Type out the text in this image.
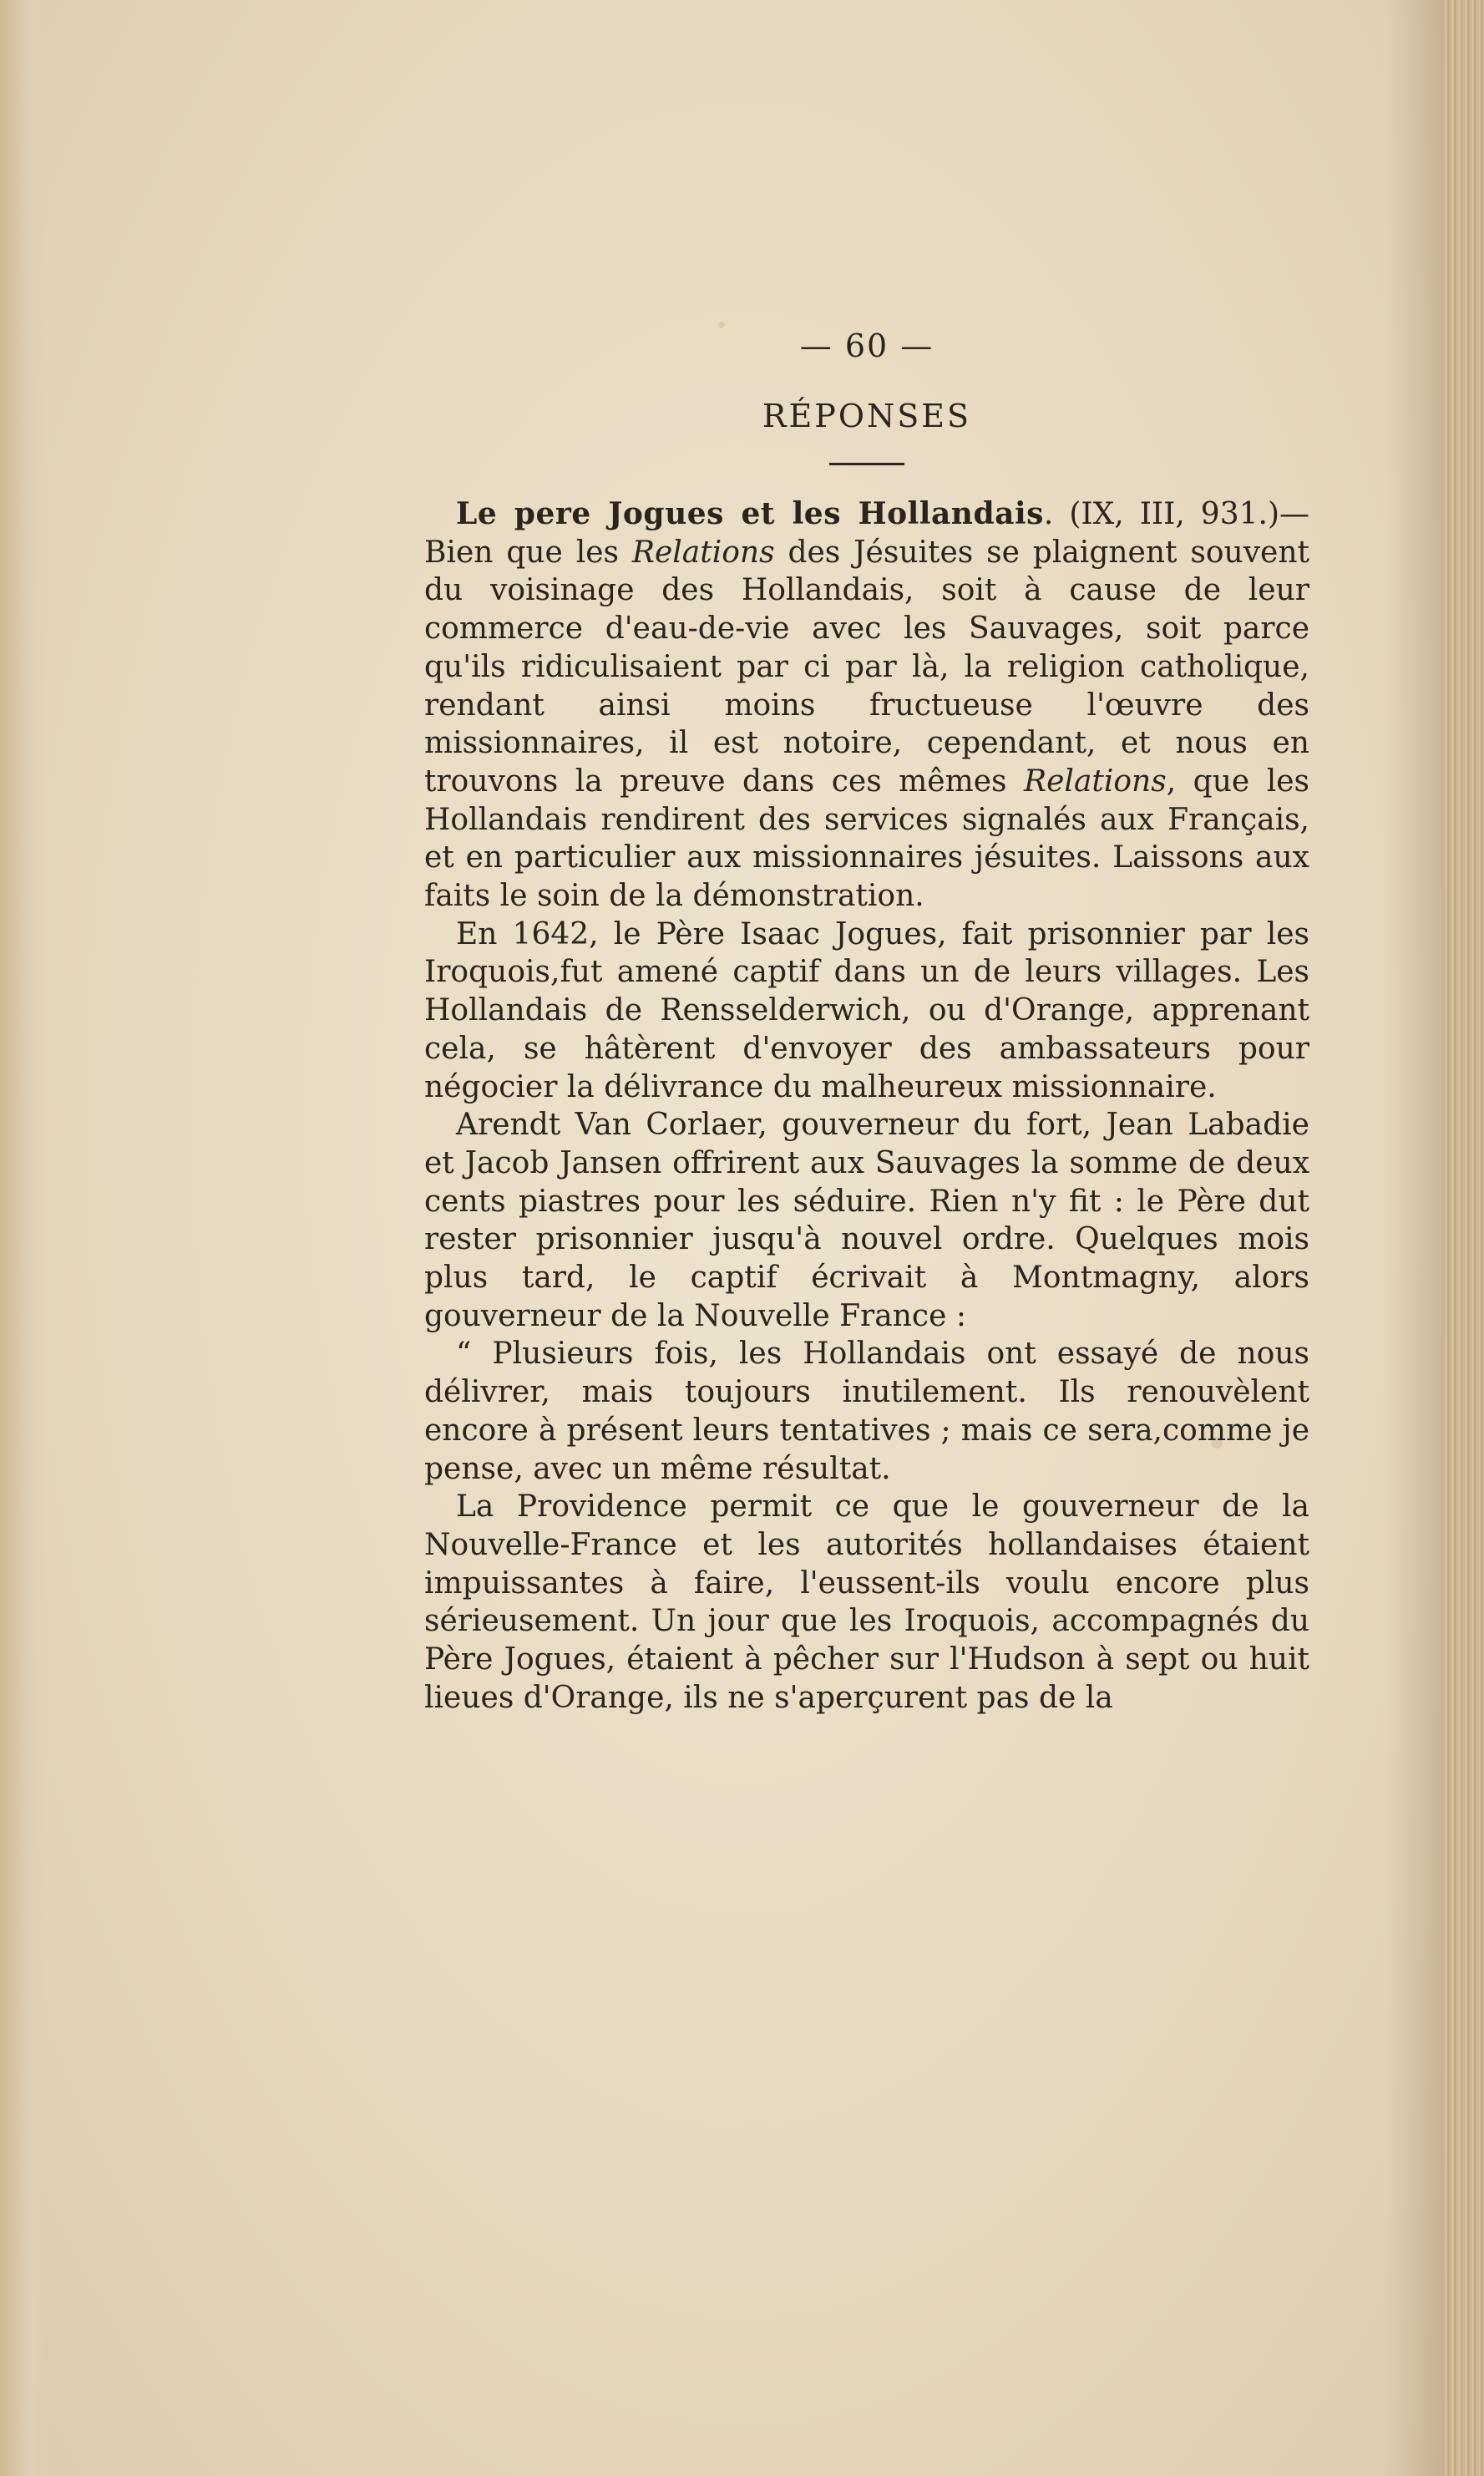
— 60 —
RÉPONSES

Le pere Jogues et les Hollandais. (IX, III, 931.)—Bien que les Relations des Jésuites se plaignent souvent du voisinage des Hollandais, soit à cause de leur commerce d'eau-de-vie avec les Sauvages, soit parce qu'ils ridiculisaient par ci par là, la religion catholique, rendant ainsi moins fructueuse l'œuvre des missionnaires, il est notoire, cependant, et nous en trouvons la preuve dans ces mêmes Relations, que les Hollandais rendirent des services signalés aux Français, et en particulier aux missionnaires jésuites. Laissons aux faits le soin de la démonstration.

En 1642, le Père Isaac Jogues, fait prisonnier par les Iroquois,fut amené captif dans un de leurs villages. Les Hollandais de Rensselderwich, ou d'Orange, apprenant cela, se hâtèrent d'envoyer des ambassateurs pour négocier la délivrance du malheureux missionnaire.

Arendt Van Corlaer, gouverneur du fort, Jean Labadie et Jacob Jansen offrirent aux Sauvages la somme de deux cents piastres pour les séduire. Rien n'y fit : le Père dut rester prisonnier jusqu'à nouvel ordre. Quelques mois plus tard, le captif écrivait à Montmagny, alors gouverneur de la Nouvelle France :

“ Plusieurs fois, les Hollandais ont essayé de nous délivrer, mais toujours inutilement. Ils renouvèlent encore à présent leurs tentatives ; mais ce sera,comme je pense, avec un même résultat.

La Providence permit ce que le gouverneur de la Nouvelle-France et les autorités hollandaises étaient impuissantes à faire, l'eussent-ils voulu encore plus sérieusement. Un jour que les Iroquois, accompagnés du Père Jogues, étaient à pêcher sur l'Hudson à sept ou huit lieues d'Orange, ils ne s'aperçurent pas de la
